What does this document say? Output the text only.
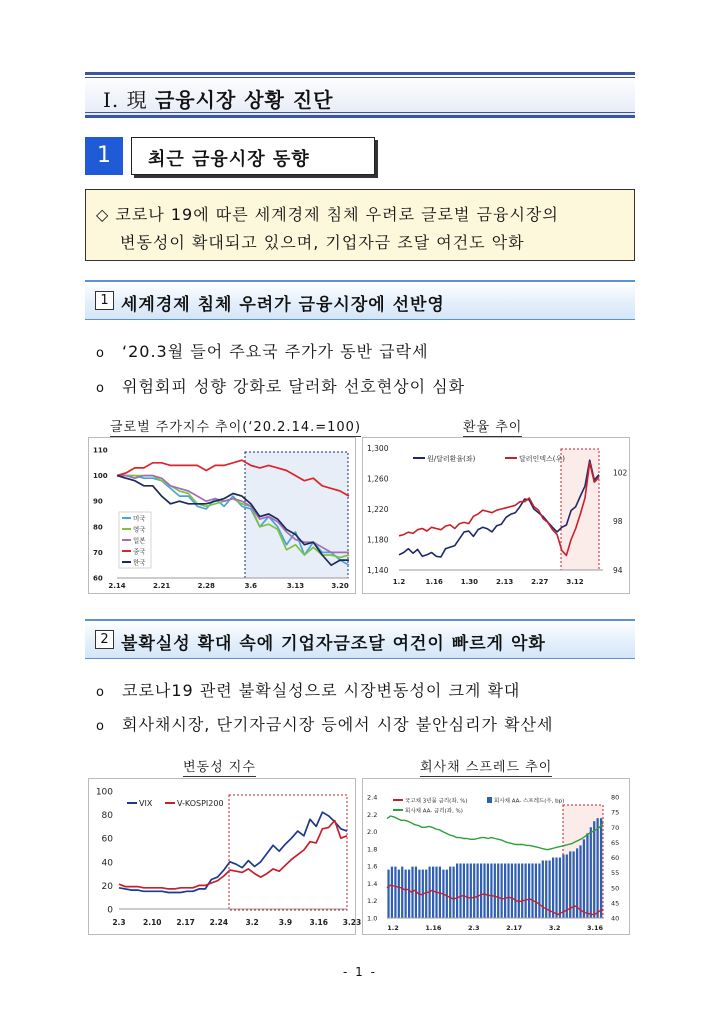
Ⅰ. 現 금융시장 상황 진단
1	최근 금융시장 동향
◇ 코로나 19에 따른 세계경제 침체 우려로 글로벌 금융시장의
변동성이 확대되고 있으며, 기업자금 조달 여건도 악화
1 세계경제 침체 우려가 금융시장에 선반영
o ‘20.3월 들어 주요국 주가가 동반 급락세
o 위험회피 성향 강화로 달러화 선호현상이 심화
글로벌 주가지수 추이(‘20.2.14.=100)	환율 추이
60
70
80
90
100
110
2.14	2.21	2.28	3.6	3.13	3.20
미국
영국
일본
중국
한국
1,140
1,180
1,220
1,260
1,300
94
98
102
1.2	1.16	1.30	2.13	2.27	3.12
원/달러환율(좌)	달러인덱스(우)
2 불확실성 확대 속에 기업자금조달 여건이 빠르게 악화
o 코로나19 관련 불확실성으로 시장변동성이 크게 확대
o 회사채시장, 단기자금시장 등에서 시장 불안심리가 확산세
변동성 지수	회사채 스프레드 추이
0
20
40
60
80
100
2.3 2.10 2.17 2.24 3.2	3.9 3.16 3.23
VIX	V-KOSPI200
1.0
1.2
1.4
1.6
1.8
2.0
2.2
2.4
40
45
50
55
60
65
70
75
80
1.2	1.16	2.3	2.17	3.2	3.16
국고채 3년물 금리(좌, %)	회사채 AA- 스프레드(우, bp)
회사채 AA- 금리(좌, %)
- 1 -
